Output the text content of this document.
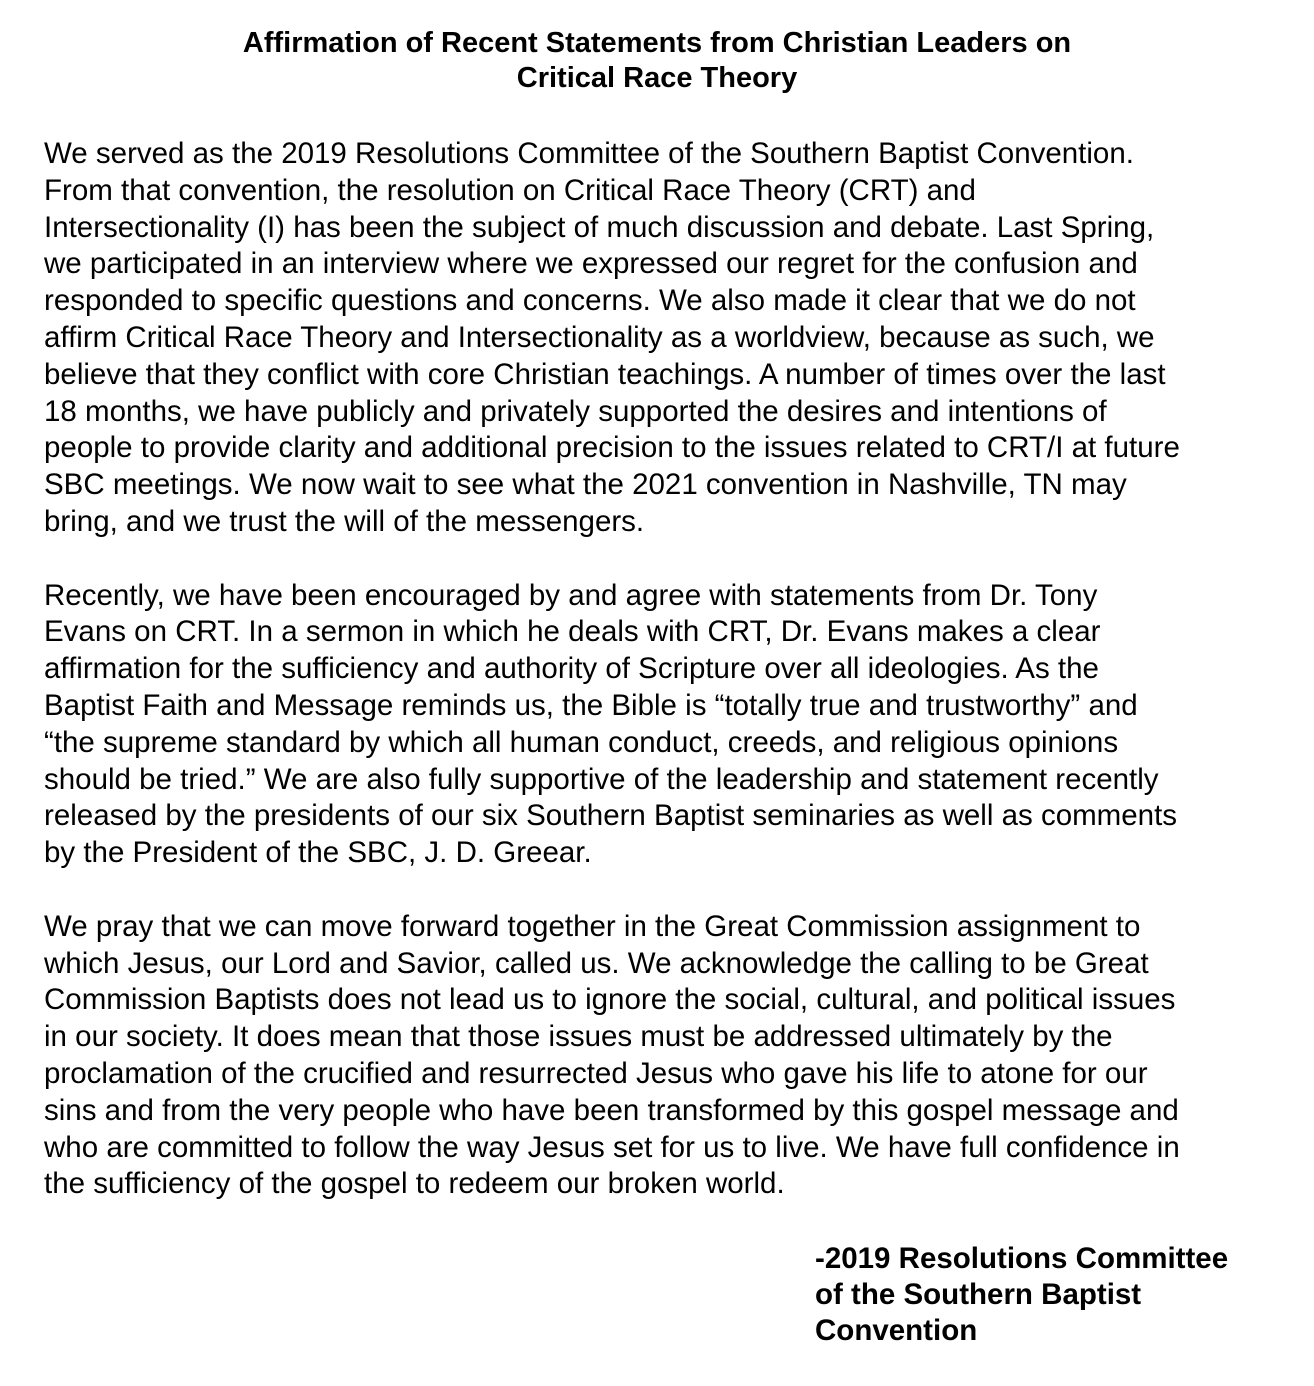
Affirmation of Recent Statements from Christian Leaders on
Critical Race Theory

We served as the 2019 Resolutions Committee of the Southern Baptist Convention.
From that convention, the resolution on Critical Race Theory (CRT) and
Intersectionality (I) has been the subject of much discussion and debate. Last Spring,
we participated in an interview where we expressed our regret for the confusion and
responded to specific questions and concerns. We also made it clear that we do not
affirm Critical Race Theory and Intersectionality as a worldview, because as such, we
believe that they conflict with core Christian teachings. A number of times over the last
18 months, we have publicly and privately supported the desires and intentions of
people to provide clarity and additional precision to the issues related to CRT/I at future
SBC meetings. We now wait to see what the 2021 convention in Nashville, TN may
bring, and we trust the will of the messengers.

Recently, we have been encouraged by and agree with statements from Dr. Tony
Evans on CRT. In a sermon in which he deals with CRT, Dr. Evans makes a clear
affirmation for the sufficiency and authority of Scripture over all ideologies. As the
Baptist Faith and Message reminds us, the Bible is “totally true and trustworthy” and
“the supreme standard by which all human conduct, creeds, and religious opinions
should be tried.” We are also fully supportive of the leadership and statement recently
released by the presidents of our six Southern Baptist seminaries as well as comments
by the President of the SBC, J. D. Greear.

We pray that we can move forward together in the Great Commission assignment to
which Jesus, our Lord and Savior, called us. We acknowledge the calling to be Great
Commission Baptists does not lead us to ignore the social, cultural, and political issues
in our society. It does mean that those issues must be addressed ultimately by the
proclamation of the crucified and resurrected Jesus who gave his life to atone for our
sins and from the very people who have been transformed by this gospel message and
who are committed to follow the way Jesus set for us to live. We have full confidence in
the sufficiency of the gospel to redeem our broken world.

-2019 Resolutions Committee
of the Southern Baptist
Convention
